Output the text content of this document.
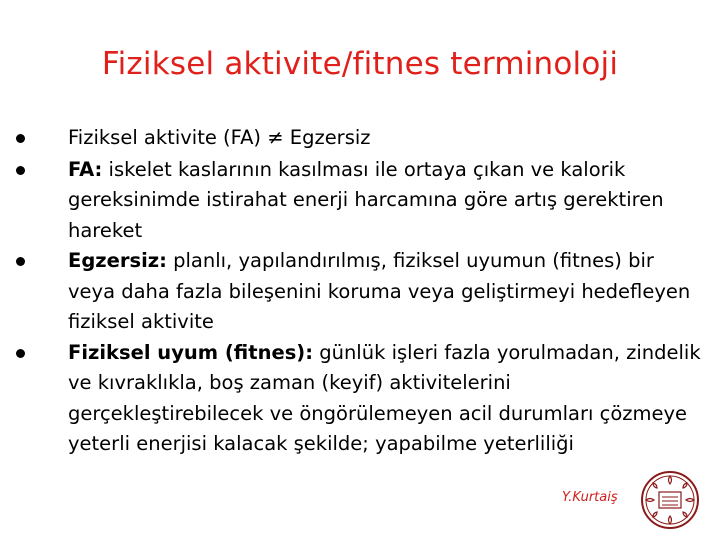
Fiziksel aktivite/fitnes terminoloji
Fiziksel aktivite (FA) ≠ Egzersiz
FA: iskelet kaslarının kasılması ile ortaya çıkan ve kalorik gereksinimde istirahat enerji harcamına göre artış gerektiren hareket
Egzersiz: planlı, yapılandırılmış, fiziksel uyumun (fitnes) bir veya daha fazla bileşenini koruma veya geliştirmeyi hedefleyen fiziksel aktivite
Fiziksel uyum (fitnes): günlük işleri fazla yorulmadan, zindelik ve kıvraklıkla, boş zaman (keyif) aktivitelerini gerçekleştirebilecek ve öngörülemeyen acil durumları çözmeye yeterli enerjisi kalacak şekilde; yapabilme yeterliliği
Y.Kurtaiş
